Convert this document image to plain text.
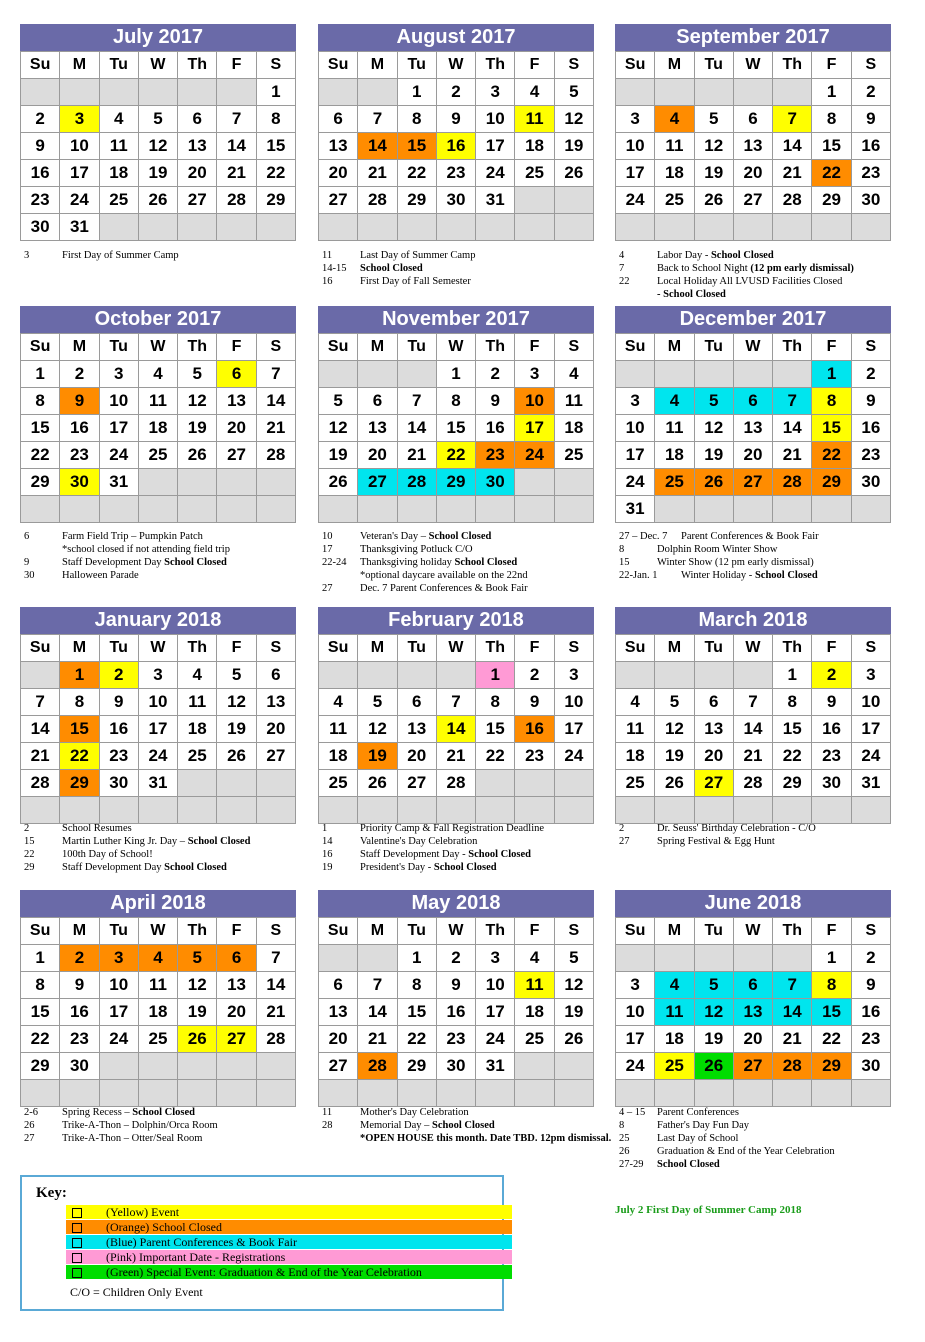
July 2017
Su	M	Tu	W	Th	F	S
						1
2	3	4	5	6	7	8
9	10	11	12	13	14	15
16	17	18	19	20	21	22
23	24	25	26	27	28	29
30	31					
3	First Day of Summer Camp
August 2017
Su	M	Tu	W	Th	F	S
		1	2	3	4	5
6	7	8	9	10	11	12
13	14	15	16	17	18	19
20	21	22	23	24	25	26
27	28	29	30	31		

11	Last Day of Summer Camp
14-15	School Closed
16	First Day of Fall Semester
September 2017
Su	M	Tu	W	Th	F	S
					1	2
3	4	5	6	7	8	9
10	11	12	13	14	15	16
17	18	19	20	21	22	23
24	25	26	27	28	29	30

4	Labor Day - School Closed
7	Back to School Night (12 pm early dismissal)
22	Local Holiday All LVUSD Facilities Closed
- School Closed
October 2017
Su	M	Tu	W	Th	F	S
1	2	3	4	5	6	7
8	9	10	11	12	13	14
15	16	17	18	19	20	21
22	23	24	25	26	27	28
29	30	31				

6	Farm Field Trip – Pumpkin Patch
*school closed if not attending field trip
9	Staff Development Day School Closed
30	Halloween Parade
November 2017
Su	M	Tu	W	Th	F	S
			1	2	3	4
5	6	7	8	9	10	11
12	13	14	15	16	17	18
19	20	21	22	23	24	25
26	27	28	29	30		

10	Veteran's Day – School Closed
17	Thanksgiving Potluck C/O
22-24	Thanksgiving holiday School Closed
*optional daycare available on the 22nd
27	Dec. 7 Parent Conferences & Book Fair
December 2017
Su	M	Tu	W	Th	F	S
					1	2
3	4	5	6	7	8	9
10	11	12	13	14	15	16
17	18	19	20	21	22	23
24	25	26	27	28	29	30
31						
27 – Dec. 7	Parent Conferences & Book Fair
8	Dolphin Room Winter Show
15	Winter Show (12 pm early dismissal)
22-Jan. 1	Winter Holiday - School Closed
January 2018
Su	M	Tu	W	Th	F	S
	1	2	3	4	5	6
7	8	9	10	11	12	13
14	15	16	17	18	19	20
21	22	23	24	25	26	27
28	29	30	31			

2	School Resumes
15	Martin Luther King Jr. Day – School Closed
22	100th Day of School!
29	Staff Development Day School Closed
February 2018
Su	M	Tu	W	Th	F	S
				1	2	3
4	5	6	7	8	9	10
11	12	13	14	15	16	17
18	19	20	21	22	23	24
25	26	27	28			

1	Priority Camp & Fall Registration Deadline
14	Valentine's Day Celebration
16	Staff Development Day - School Closed
19	President's Day - School Closed
March 2018
Su	M	Tu	W	Th	F	S
				1	2	3
4	5	6	7	8	9	10
11	12	13	14	15	16	17
18	19	20	21	22	23	24
25	26	27	28	29	30	31

2	Dr. Seuss' Birthday Celebration - C/O
27	Spring Festival & Egg Hunt
April 2018
Su	M	Tu	W	Th	F	S
1	2	3	4	5	6	7
8	9	10	11	12	13	14
15	16	17	18	19	20	21
22	23	24	25	26	27	28
29	30					

2-6	Spring Recess – School Closed
26	Trike-A-Thon – Dolphin/Orca Room
27	Trike-A-Thon – Otter/Seal Room
May 2018
Su	M	Tu	W	Th	F	S
		1	2	3	4	5
6	7	8	9	10	11	12
13	14	15	16	17	18	19
20	21	22	23	24	25	26
27	28	29	30	31		

11	Mother's Day Celebration
28	Memorial Day – School Closed
*OPEN HOUSE this month. Date TBD. 12pm dismissal.
June 2018
Su	M	Tu	W	Th	F	S
					1	2
3	4	5	6	7	8	9
10	11	12	13	14	15	16
17	18	19	20	21	22	23
24	25	26	27	28	29	30

4 – 15	Parent Conferences
8	Father's Day Fun Day
25	Last Day of School
26	Graduation & End of the Year Celebration
27-29	School Closed
Key:
(Yellow) Event
(Orange) School Closed
(Blue) Parent Conferences & Book Fair
(Pink) Important Date - Registrations
(Green) Special Event: Graduation & End of the Year Celebration
C/O = Children Only Event
July 2 First Day of Summer Camp 2018
